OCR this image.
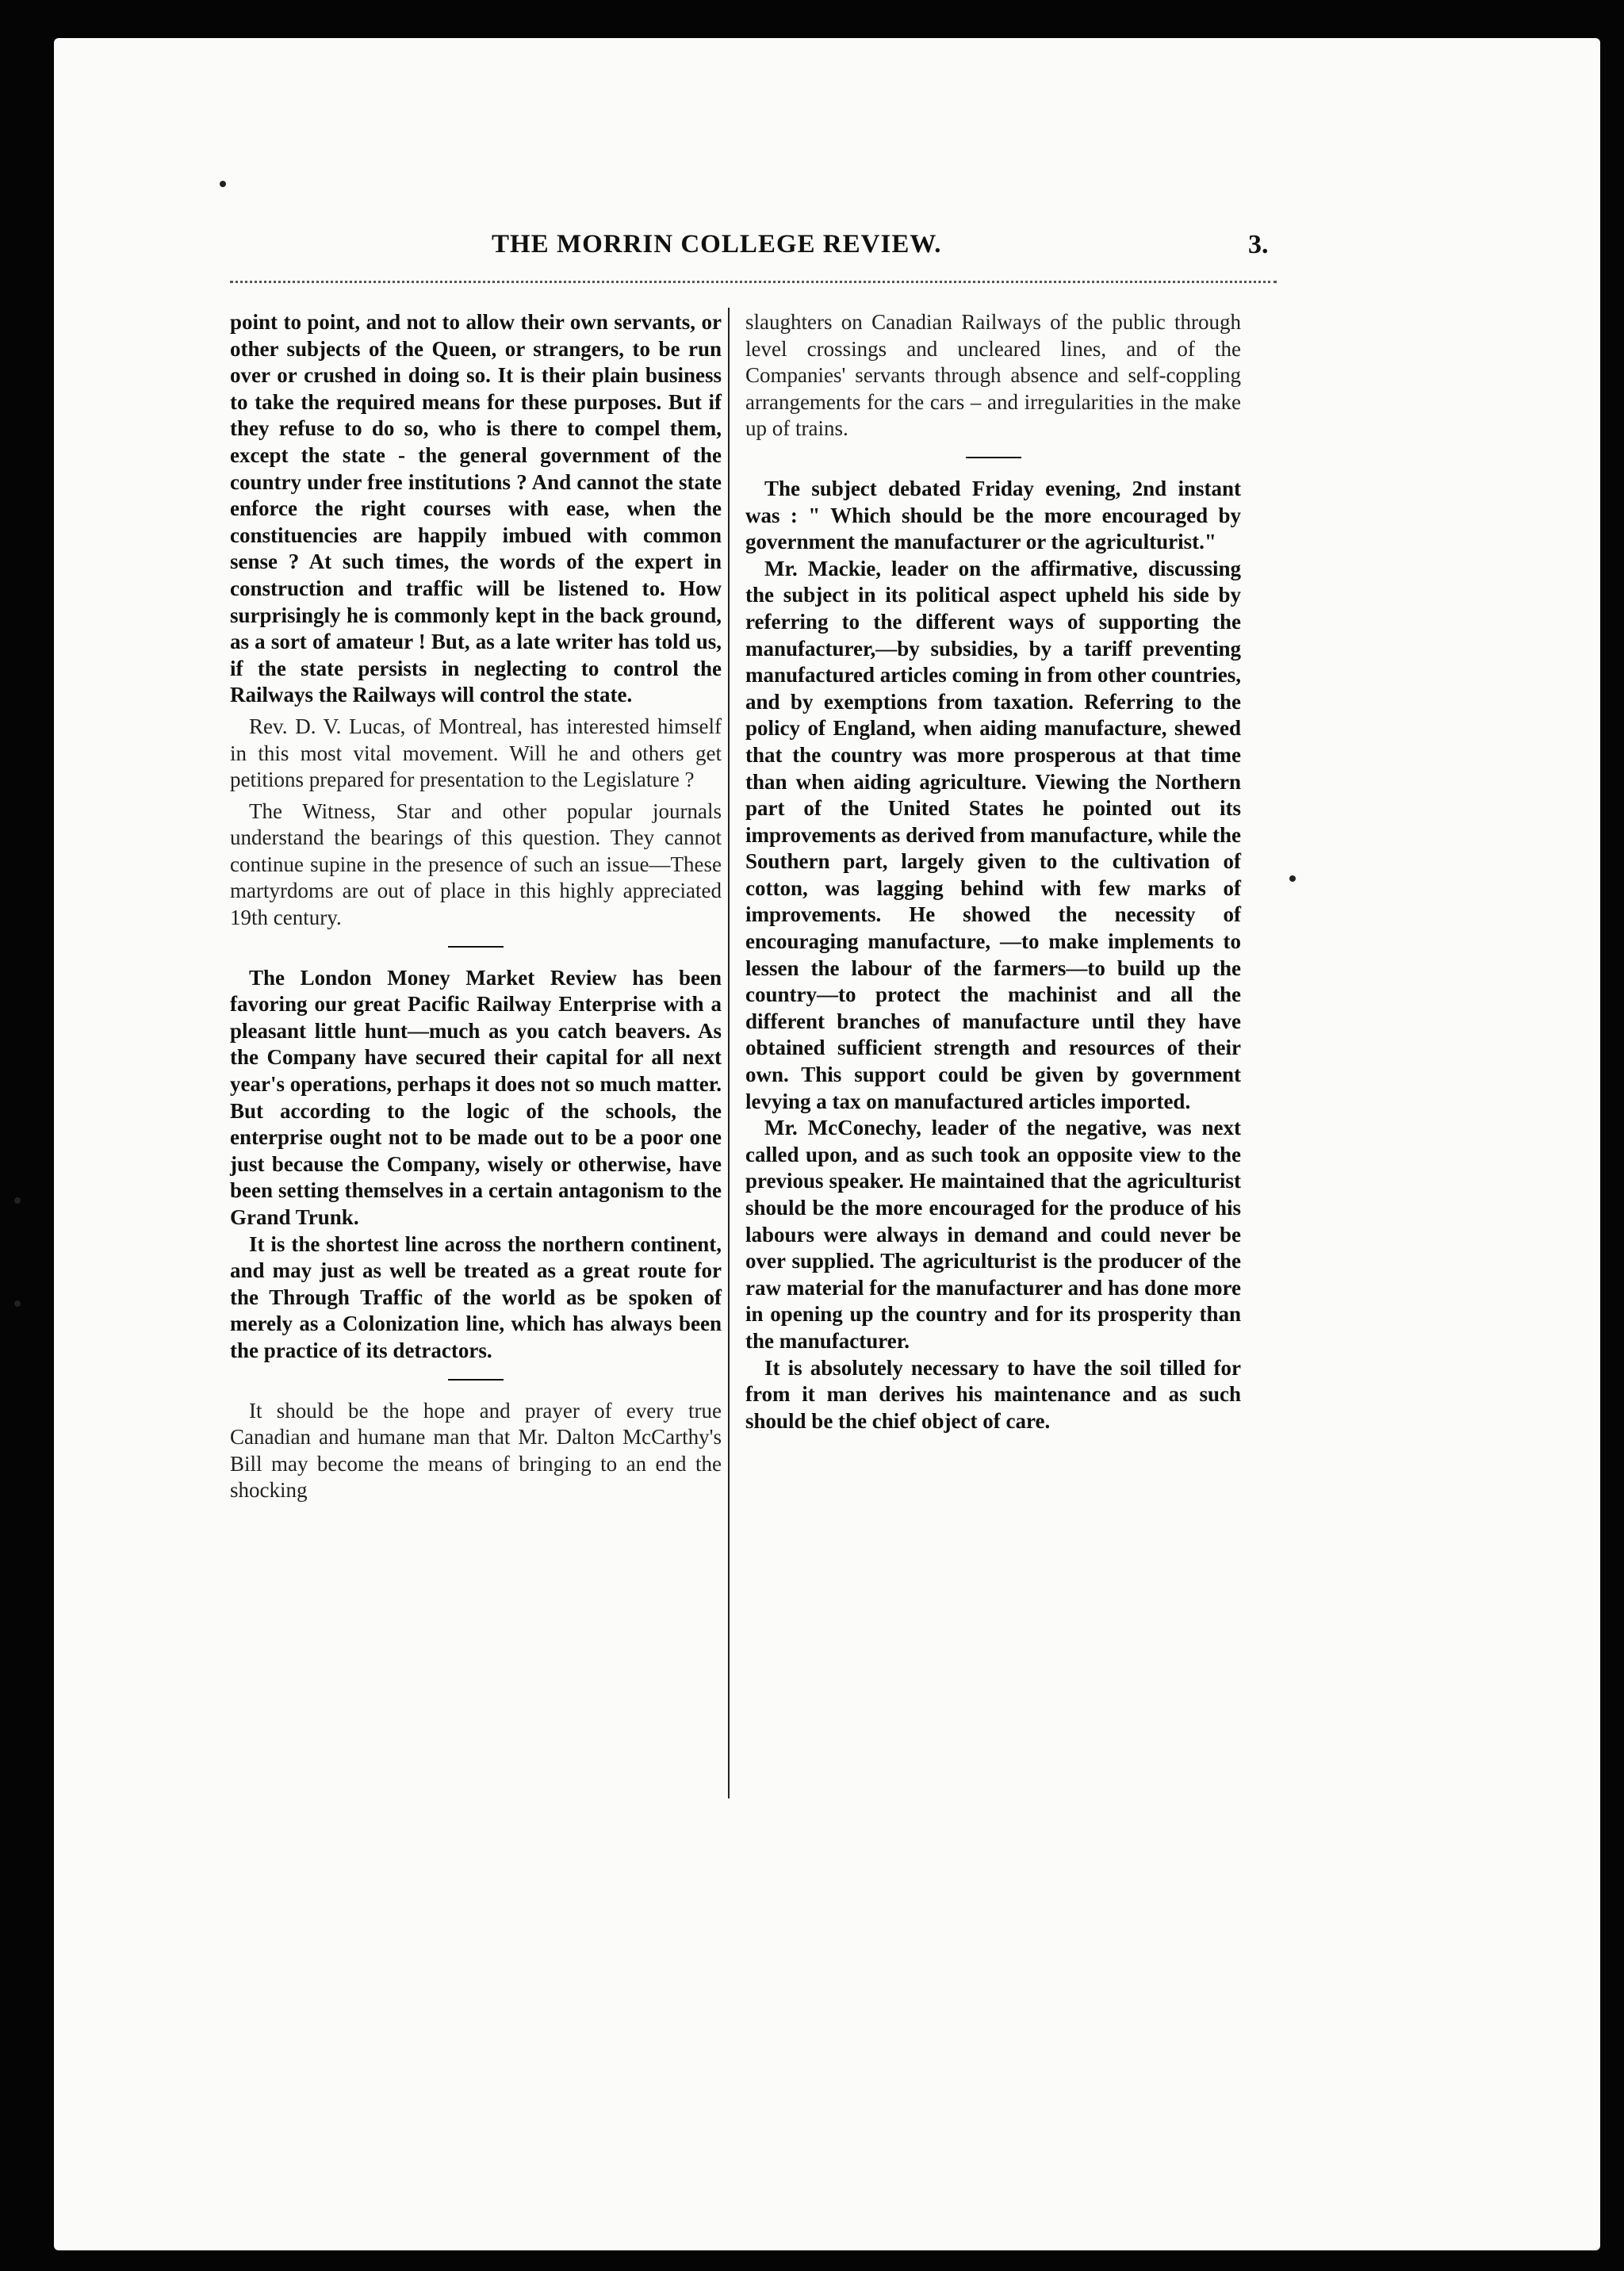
THE MORRIN COLLEGE REVIEW.	3.

point to point, and not to allow their own servants, or other subjects of the Queen, or strangers, to be run over or crushed in doing so. It is their plain business to take the required means for these purposes. But if they refuse to do so, who is there to compel them, except the state - the general government of the country under free institutions ? And cannot the state enforce the right courses with ease, when the constituencies are happily imbued with common sense ? At such times, the words of the expert in construction and traffic will be listened to. How surprisingly he is commonly kept in the back ground, as a sort of amateur ! But, as a late writer has told us, if the state persists in neglecting to control the Railways the Railways will control the state.

Rev. D. V. Lucas, of Montreal, has interested himself in this most vital movement. Will he and others get petitions prepared for presentation to the Legislature ?

The Witness, Star and other popular journals understand the bearings of this question. They cannot continue supine in the presence of such an issue—These martyrdoms are out of place in this highly appreciated 19th century.

The London Money Market Review has been favoring our great Pacific Railway Enterprise with a pleasant little hunt—much as you catch beavers. As the Company have secured their capital for all next year's operations, perhaps it does not so much matter. But according to the logic of the schools, the enterprise ought not to be made out to be a poor one just because the Company, wisely or otherwise, have been setting themselves in a certain antagonism to the Grand Trunk.

It is the shortest line across the northern continent, and may just as well be treated as a great route for the Through Traffic of the world as be spoken of merely as a Colonization line, which has always been the practice of its detractors.

It should be the hope and prayer of every true Canadian and humane man that Mr. Dalton McCarthy's Bill may become the means of bringing to an end the shocking

slaughters on Canadian Railways of the public through level crossings and uncleared lines, and of the Companies' servants through absence and self-coppling arrangements for the cars – and irregularities in the make up of trains.

The subject debated Friday evening, 2nd instant was : " Which should be the more encouraged by government the manufacturer or the agriculturist."

Mr. Mackie, leader on the affirmative, discussing the subject in its political aspect upheld his side by referring to the different ways of supporting the manufacturer,—by subsidies, by a tariff preventing manufactured articles coming in from other countries, and by exemptions from taxation. Referring to the policy of England, when aiding manufacture, shewed that the country was more prosperous at that time than when aiding agriculture. Viewing the Northern part of the United States he pointed out its improvements as derived from manufacture, while the Southern part, largely given to the cultivation of cotton, was lagging behind with few marks of improvements. He showed the necessity of encouraging manufacture, —to make implements to lessen the labour of the farmers—to build up the country—to protect the machinist and all the different branches of manufacture until they have obtained sufficient strength and resources of their own. This support could be given by government levying a tax on manufactured articles imported.

Mr. McConechy, leader of the negative, was next called upon, and as such took an opposite view to the previous speaker. He maintained that the agriculturist should be the more encouraged for the produce of his labours were always in demand and could never be over supplied. The agriculturist is the producer of the raw material for the manufacturer and has done more in opening up the country and for its prosperity than the manufacturer.

It is absolutely necessary to have the soil tilled for from it man derives his maintenance and as such should be the chief object of care.
